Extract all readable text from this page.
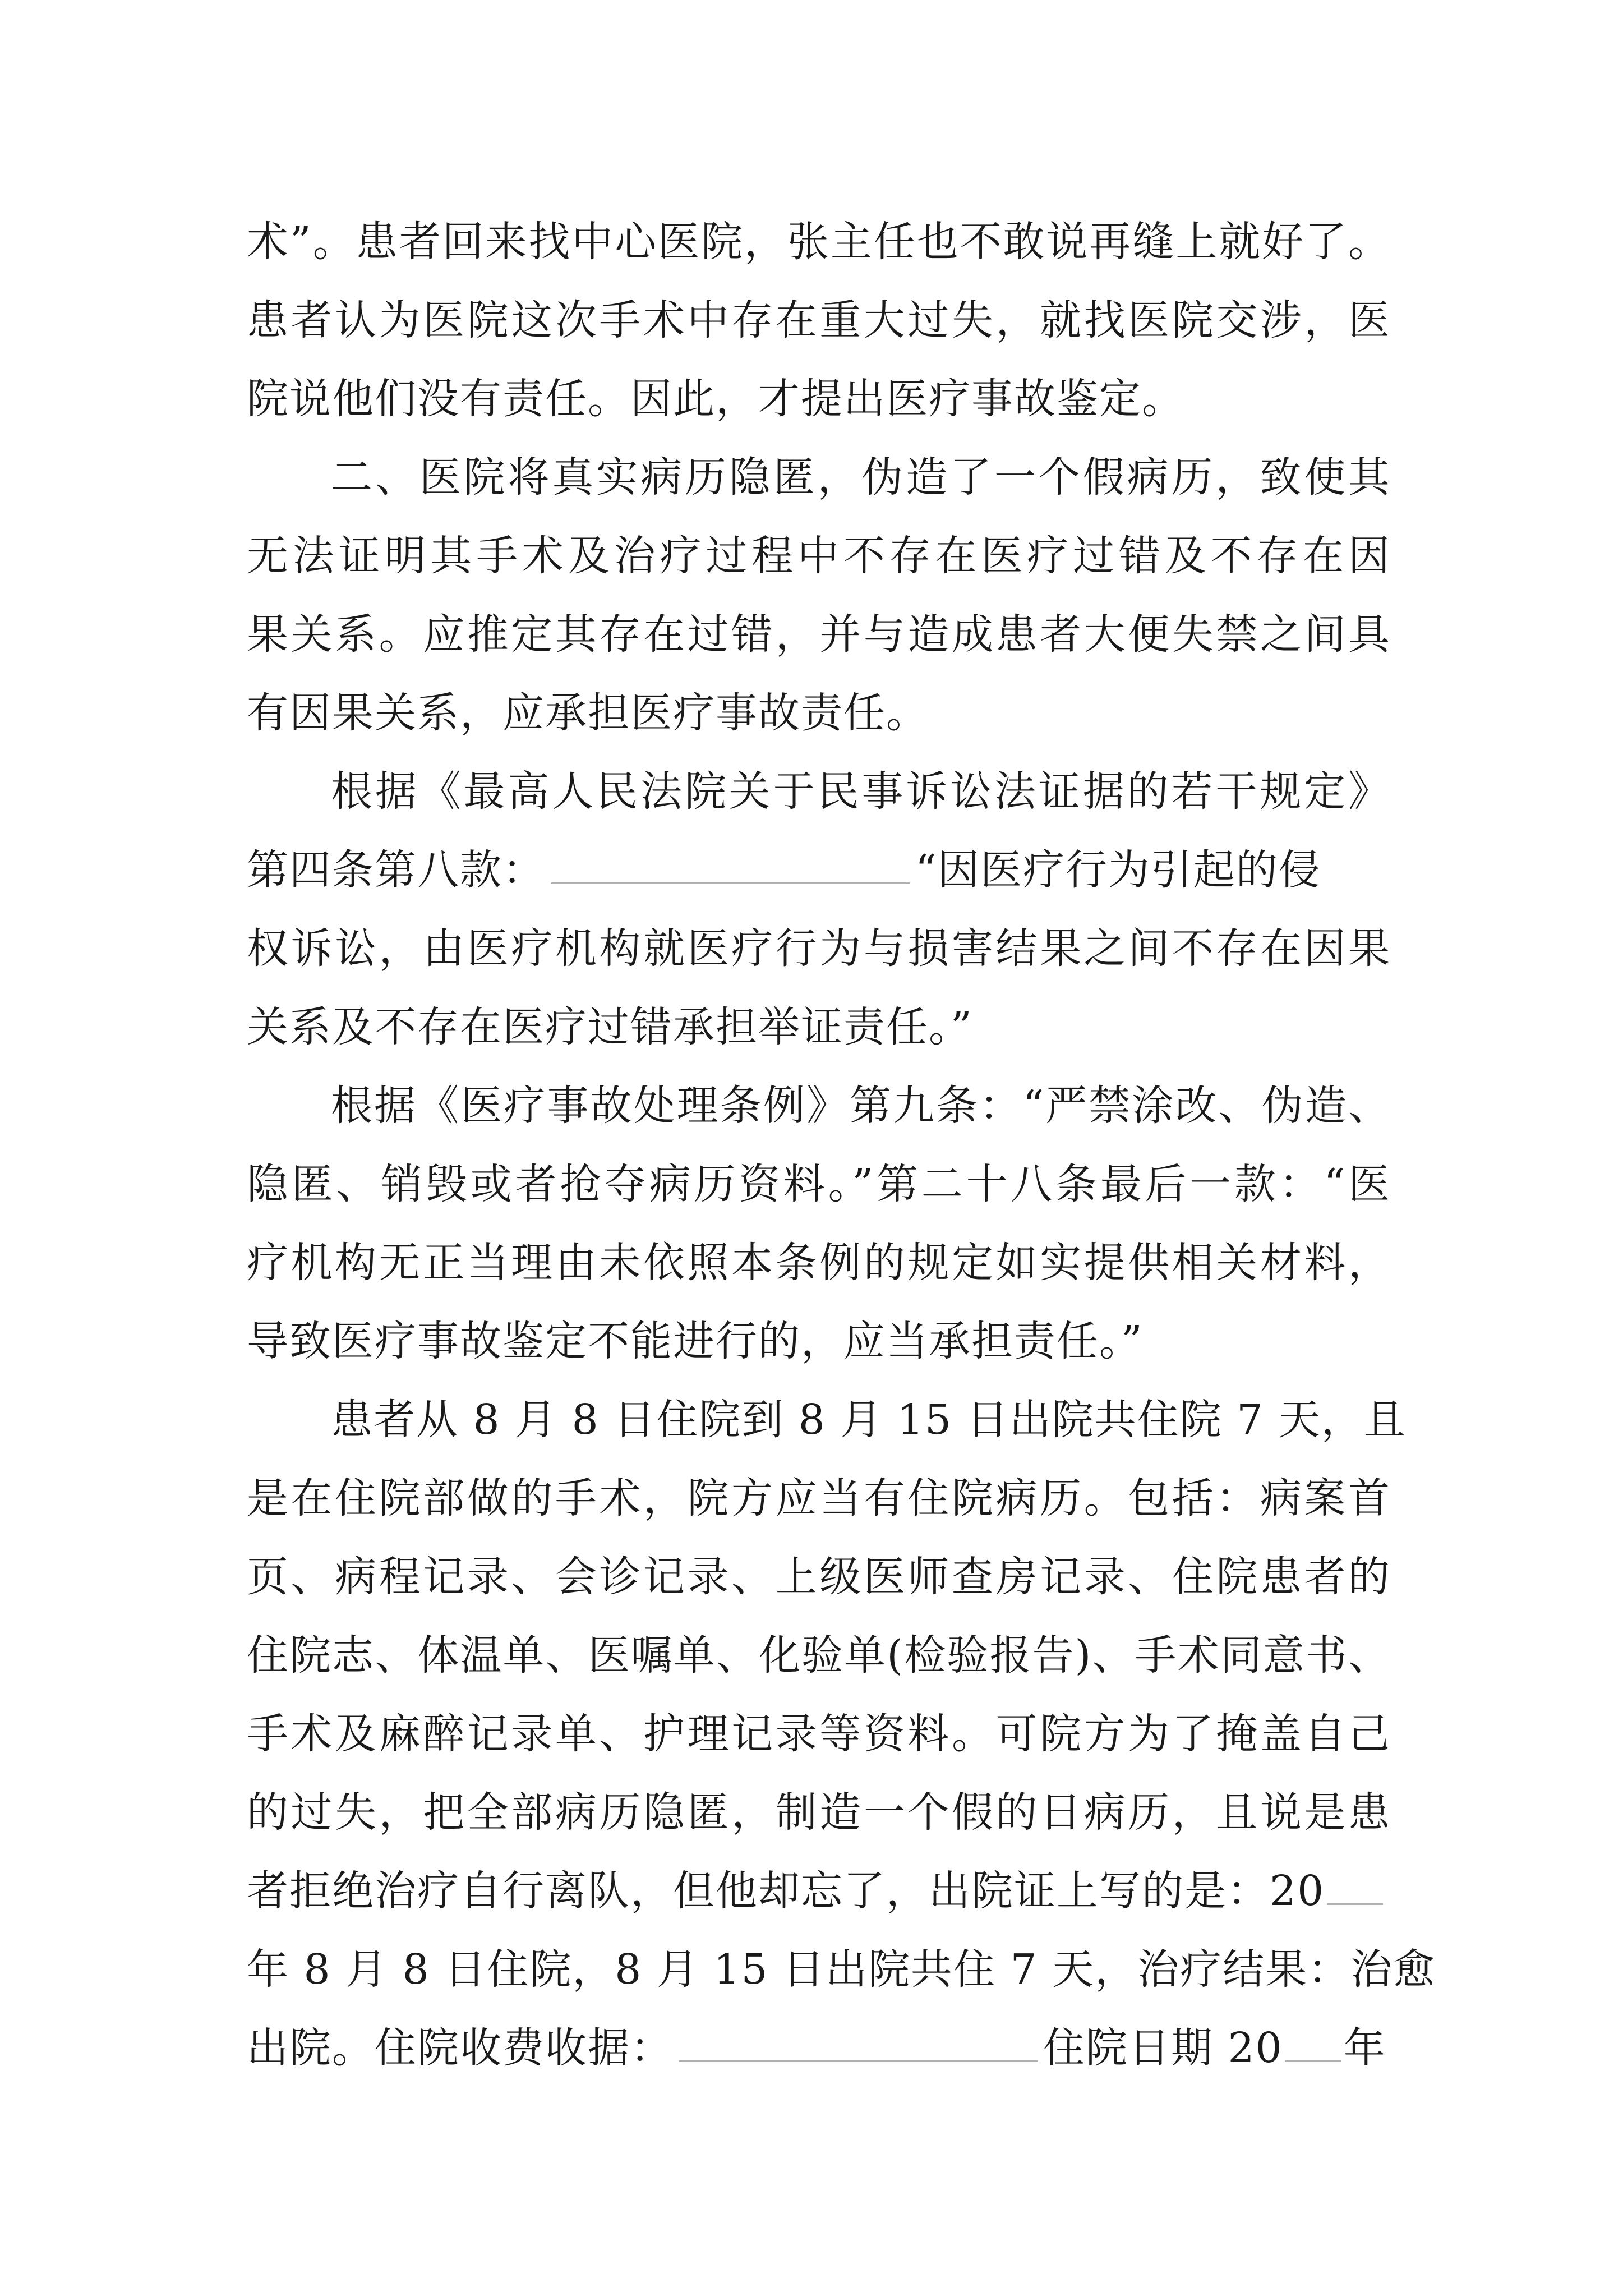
术”。患者回来找中心医院，张主任也不敢说再缝上就好了。
患者认为医院这次手术中存在重大过失，就找医院交涉，医
院说他们没有责任。因此，才提出医疗事故鉴定。
二、医院将真实病历隐匿，伪造了一个假病历，致使其
无法证明其手术及治疗过程中不存在医疗过错及不存在因
果关系。应推定其存在过错，并与造成患者大便失禁之间具
有因果关系，应承担医疗事故责任。
根据《最高人民法院关于民事诉讼法证据的若干规定》
第四条第八款：	“因医疗行为引起的侵
权诉讼，由医疗机构就医疗行为与损害结果之间不存在因果
关系及不存在医疗过错承担举证责任。”
根据《医疗事故处理条例》第九条：“严禁涂改、伪造、
隐匿、销毁或者抢夺病历资料。”第二十八条最后一款：“医
疗机构无正当理由未依照本条例的规定如实提供相关材料，
导致医疗事故鉴定不能进行的，应当承担责任。”
患者从 8 月 8 日住院到 8 月 15 日出院共住院 7 天，且
是在住院部做的手术，院方应当有住院病历。包括：病案首
页、病程记录、会诊记录、上级医师查房记录、住院患者的
住院志、体温单、医嘱单、化验单(检验报告)、手术同意书、
手术及麻醉记录单、护理记录等资料。可院方为了掩盖自己
的过失，把全部病历隐匿，制造一个假的日病历，且说是患
者拒绝治疗自行离队，但他却忘了，出院证上写的是：20
年 8 月 8 日住院，8 月 15 日出院共住 7 天，治疗结果：治愈
出院。住院收费收据：	住院日期 20 年
